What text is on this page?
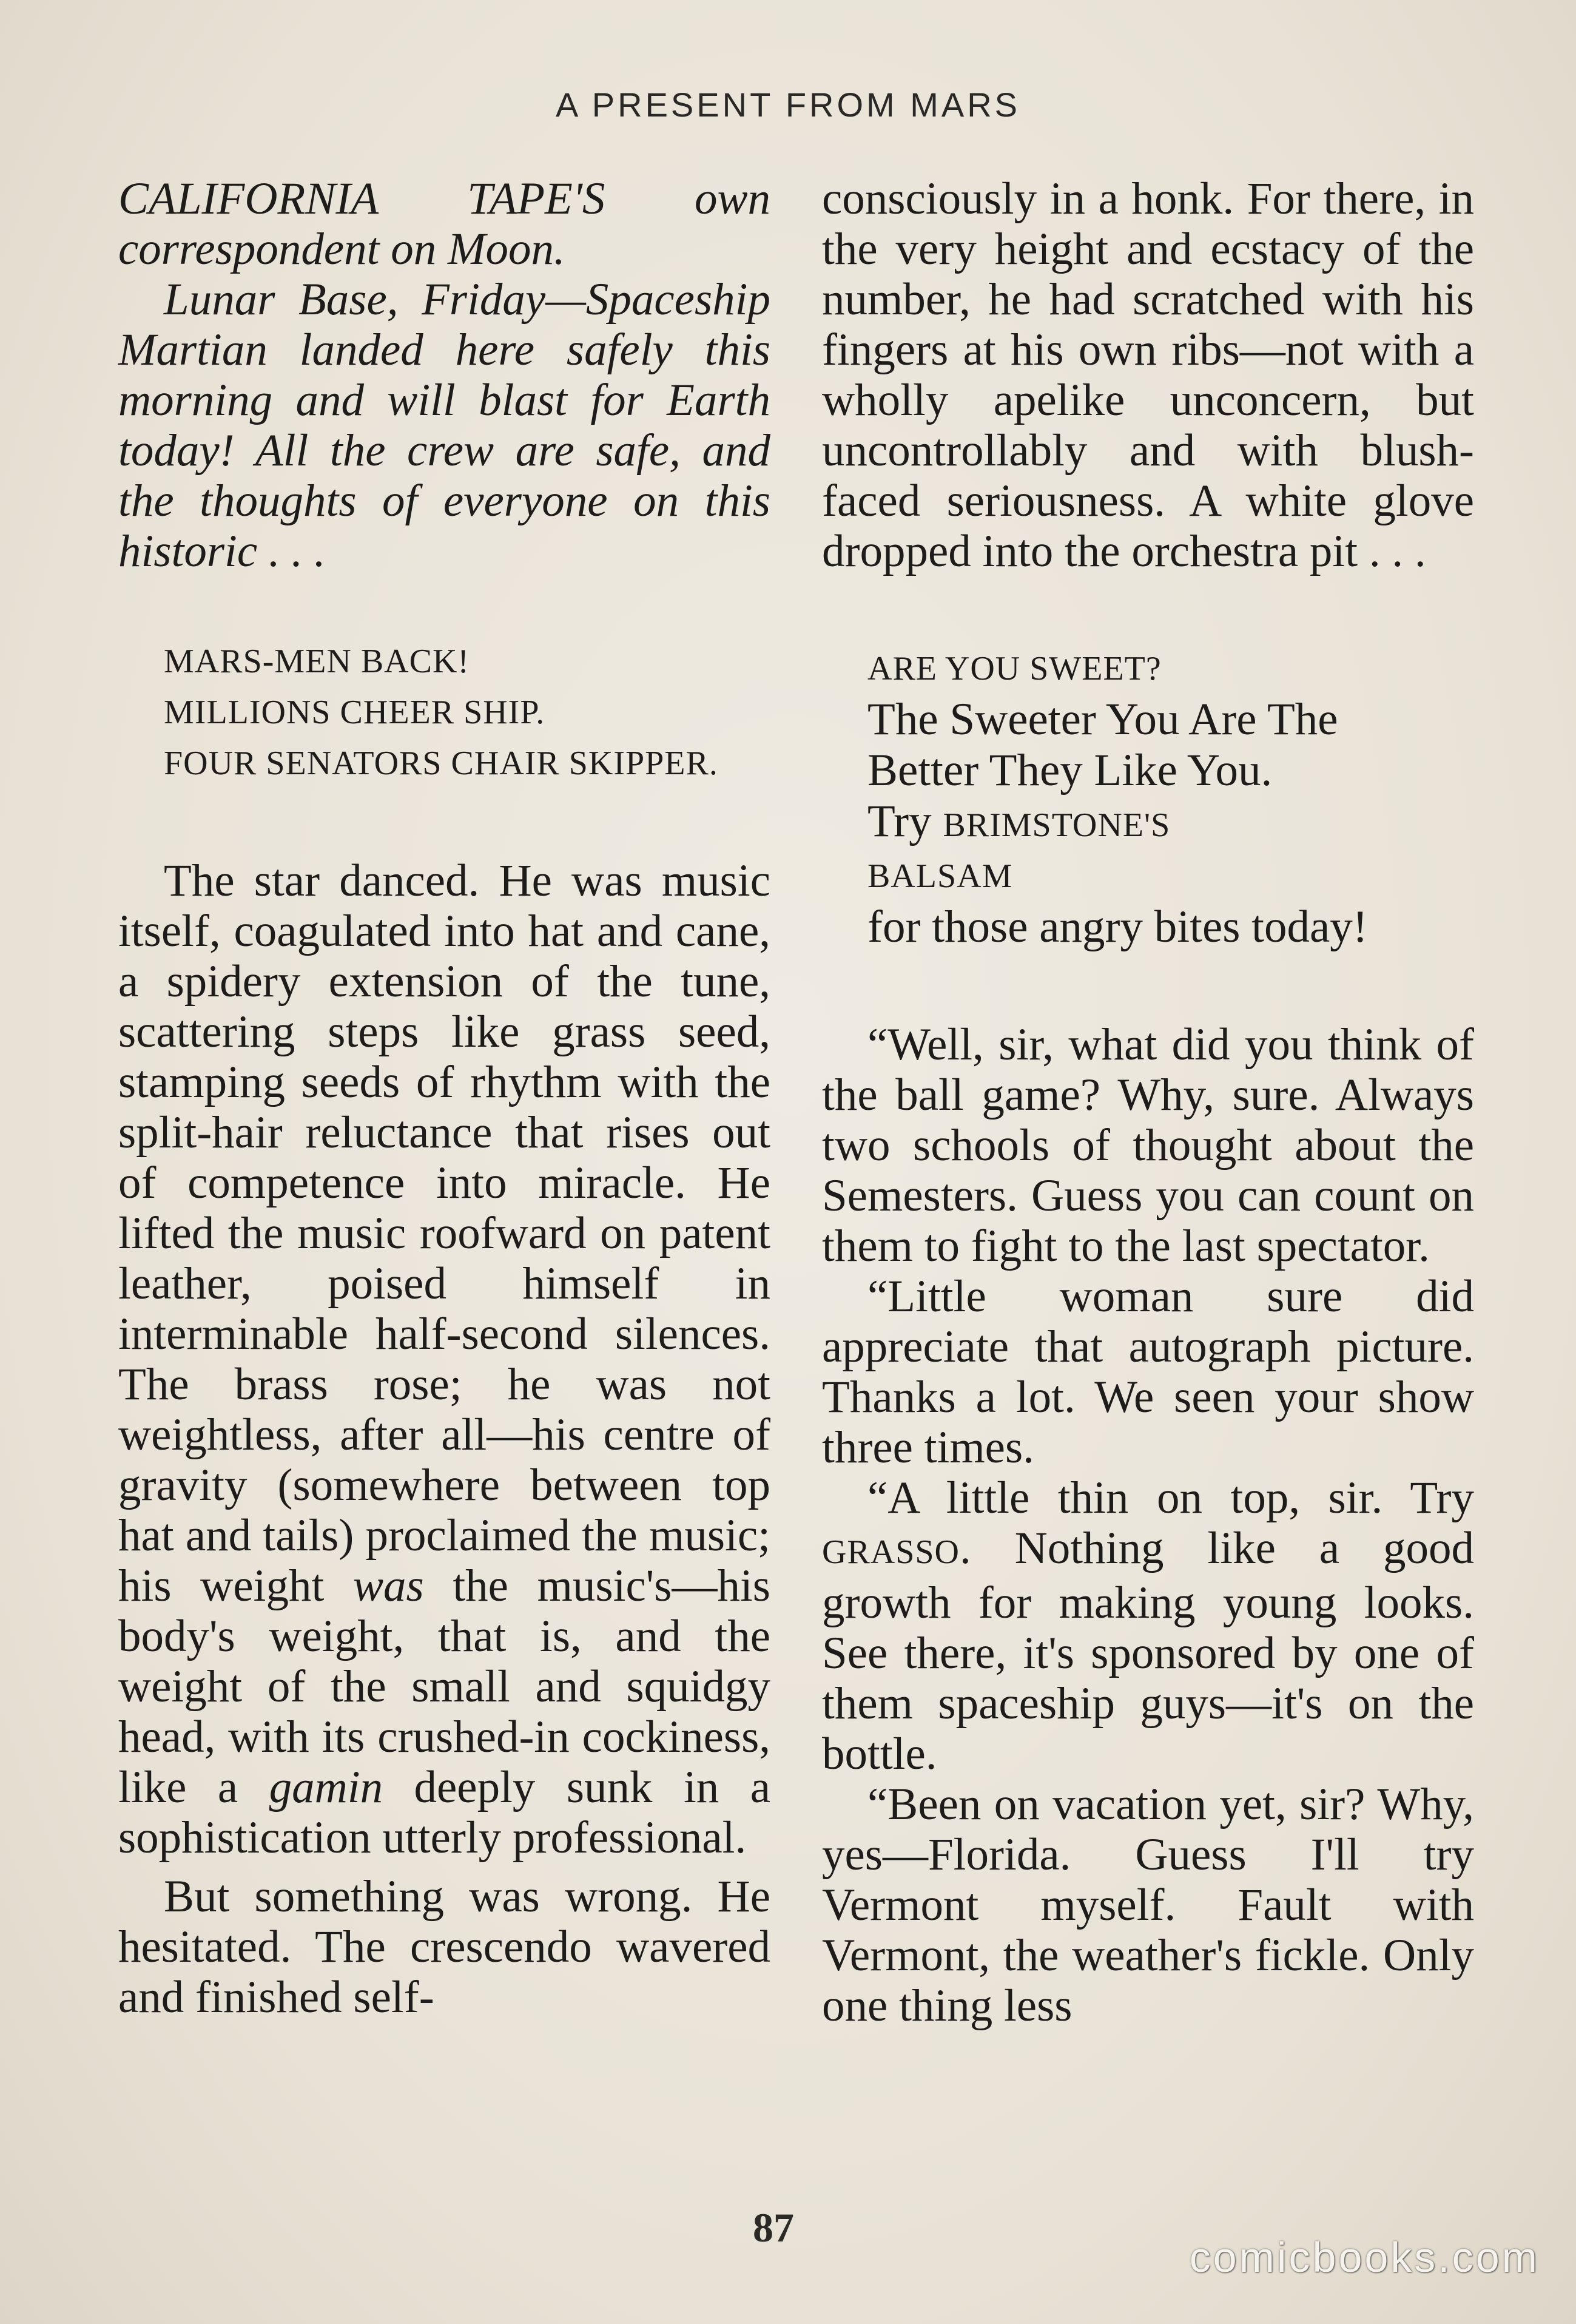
A PRESENT FROM MARS

CALIFORNIA TAPE'S own correspondent on Moon.

Lunar Base, Friday—Spaceship Martian landed here safely this morning and will blast for Earth today! All the crew are safe, and the thoughts of everyone on this historic . . .

MARS-MEN BACK!

MILLIONS CHEER SHIP.

FOUR SENATORS CHAIR SKIPPER.

The star danced. He was music itself, coagulated into hat and cane, a spidery extension of the tune, scattering steps like grass seed, stamping seeds of rhythm with the split-hair reluctance that rises out of competence into miracle. He lifted the music roofward on patent leather, poised himself in interminable half-second silences. The brass rose; he was not weightless, after all—his centre of gravity (somewhere between top hat and tails) proclaimed the music; his weight was the music's—his body's weight, that is, and the weight of the small and squidgy head, with its crushed-in cockiness, like a gamin deeply sunk in a sophistication utterly professional.

But something was wrong. He hesitated. The crescendo wavered and finished self-

consciously in a honk. For there, in the very height and ecstacy of the number, he had scratched with his fingers at his own ribs—not with a wholly apelike unconcern, but uncontrollably and with blush-faced seriousness. A white glove dropped into the orchestra pit . . .

ARE YOU SWEET?

The Sweeter You Are The

Better They Like You.

Try BRIMSTONE'S

BALSAM

for those angry bites today!

“Well, sir, what did you think of the ball game? Why, sure. Always two schools of thought about the Semesters. Guess you can count on them to fight to the last spectator.

“Little woman sure did appreciate that autograph picture. Thanks a lot. We seen your show three times.

“A little thin on top, sir. Try GRASSO. Nothing like a good growth for making young looks. See there, it's sponsored by one of them spaceship guys—it's on the bottle.

“Been on vacation yet, sir? Why, yes—Florida. Guess I'll try Vermont myself. Fault with Vermont, the weather's fickle. Only one thing less

87
comicbooks.com
